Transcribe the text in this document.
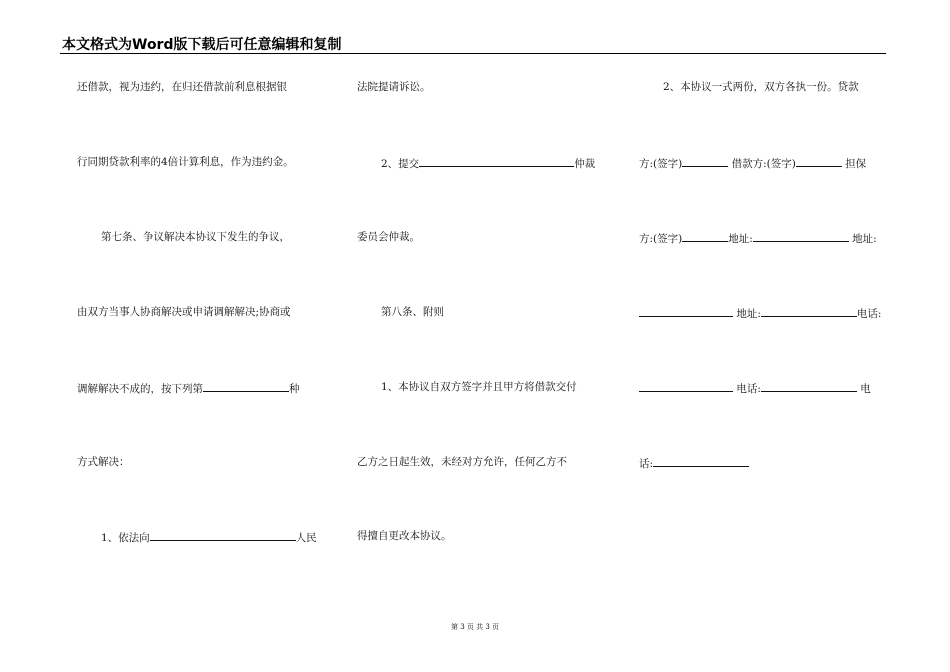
本文格式为Word版下载后可任意编辑和复制
还借款，视为违约，在归还借款前利息根据银
行同期贷款利率的4倍计算利息，作为违约金。
第七条、争议解决本协议下发生的争议，
由双方当事人协商解决或申请调解解决;协商或
调解解决不成的，按下列第	种
方式解决：
1、依法向	人民
法院提请诉讼。
2、提交	仲裁
委员会仲裁。
第八条、附则
1、本协议自双方签字并且甲方将借款交付
乙方之日起生效，未经对方允许，任何乙方不
得擅自更改本协议。
2、本协议一式两份，双方各执一份。贷款
方:(签字)	借款方:(签字)	担保
方:(签字)	地址:	地址:
地址:	电话:
电话:	电
话:
第 3 页 共 3 页
